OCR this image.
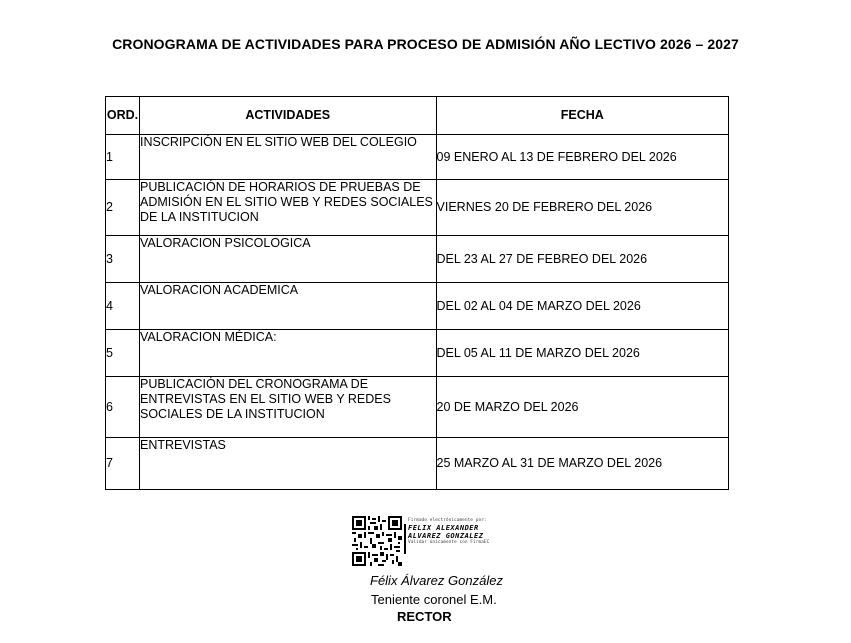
CRONOGRAMA DE ACTIVIDADES PARA PROCESO DE ADMISIÓN AÑO LECTIVO 2026 – 2027
ORD.	ACTIVIDADES	FECHA
1	INSCRIPCIÓN EN EL SITIO WEB DEL COLEGIO	09 ENERO AL 13 DE FEBRERO DEL 2026
2	PUBLICACIÓN DE HORARIOS DE PRUEBAS DE ADMISIÓN EN EL SITIO WEB Y REDES SOCIALES DE LA INSTITUCION	VIERNES 20 DE FEBRERO DEL 2026
3	VALORACION PSICOLOGICA	DEL 23 AL 27 DE FEBREO DEL 2026
4	VALORACION ACADEMICA	DEL 02 AL 04 DE MARZO DEL 2026
5	VALORACION MÉDICA:	DEL 05 AL 11 DE MARZO DEL 2026
6	PUBLICACIÓN DEL CRONOGRAMA DE ENTREVISTAS EN EL SITIO WEB Y REDES SOCIALES DE LA INSTITUCION	20 DE MARZO DEL 2026
7	ENTREVISTAS	25 MARZO AL 31 DE MARZO DEL 2026
Firmado electrónicamente por:
FELIX ALEXANDER
ALVAREZ GONZALEZ
Validar únicamente con FirmaEC
Félix Álvarez González
Teniente coronel E.M.
RECTOR
